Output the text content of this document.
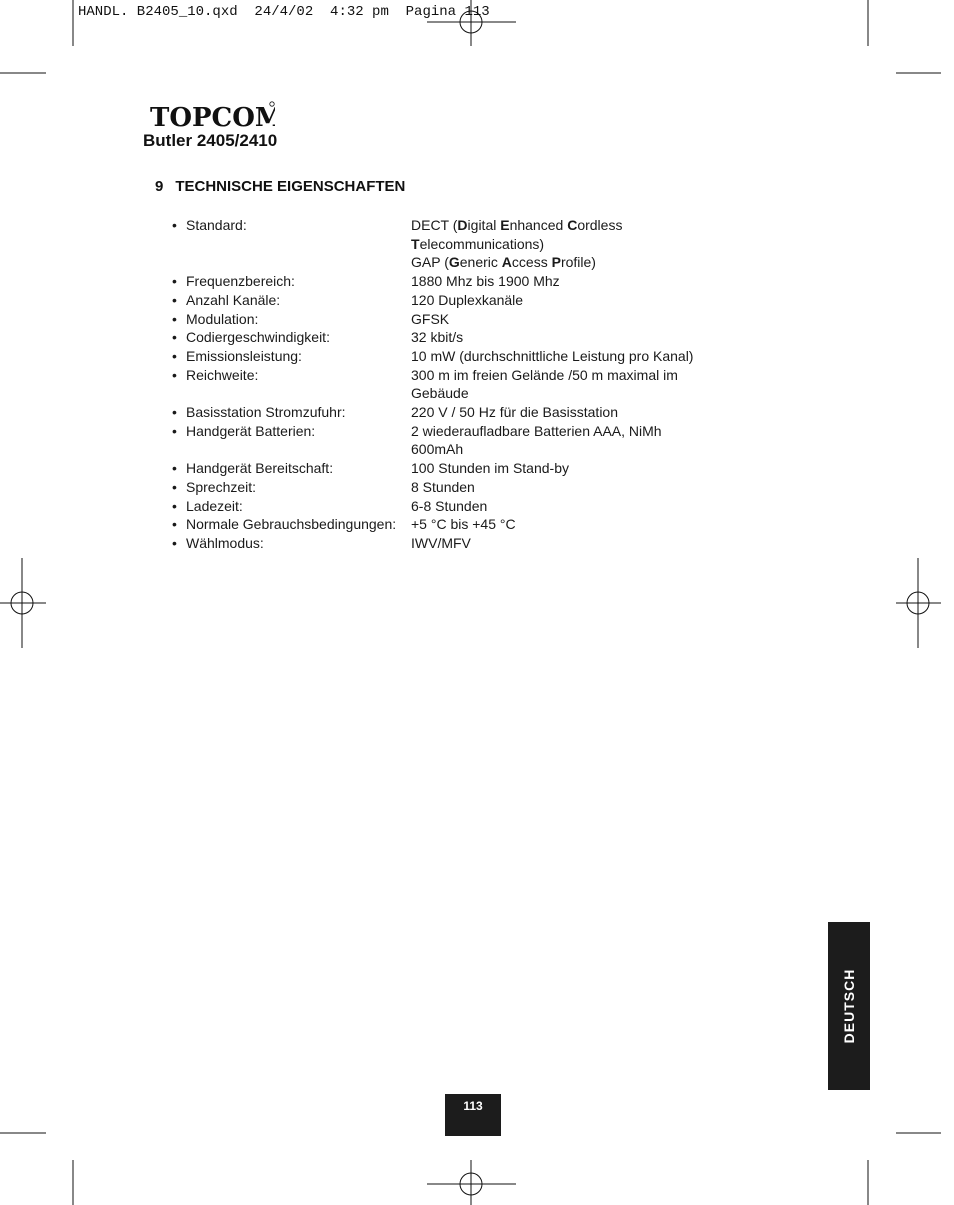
HANDL. B2405_10.qxd  24/4/02  4:32 pm  Pagina 113
TOPCOM
Butler 2405/2410
9 TECHNISCHE EIGENSCHAFTEN
• Standard:	DECT (Digital Enhanced Cordless
Telecommunications)
GAP (Generic Access Profile)
• Frequenzbereich:	1880 Mhz bis 1900 Mhz
• Anzahl Kanäle:	120 Duplexkanäle
• Modulation:	GFSK
• Codiergeschwindigkeit:	32 kbit/s
• Emissionsleistung:	10 mW (durchschnittliche Leistung pro Kanal)
• Reichweite:	300 m im freien Gelände /50 m maximal im
Gebäude
• Basisstation Stromzufuhr:	220 V / 50 Hz für die Basisstation
• Handgerät Batterien:	2 wiederaufladbare Batterien AAA, NiMh
600mAh
• Handgerät Bereitschaft:	100 Stunden im Stand-by
• Sprechzeit:	8 Stunden
• Ladezeit:	6-8 Stunden
• Normale Gebrauchsbedingungen:	+5 °C bis +45 °C
• Wählmodus:	IWV/MFV
DEUTSCH
113
